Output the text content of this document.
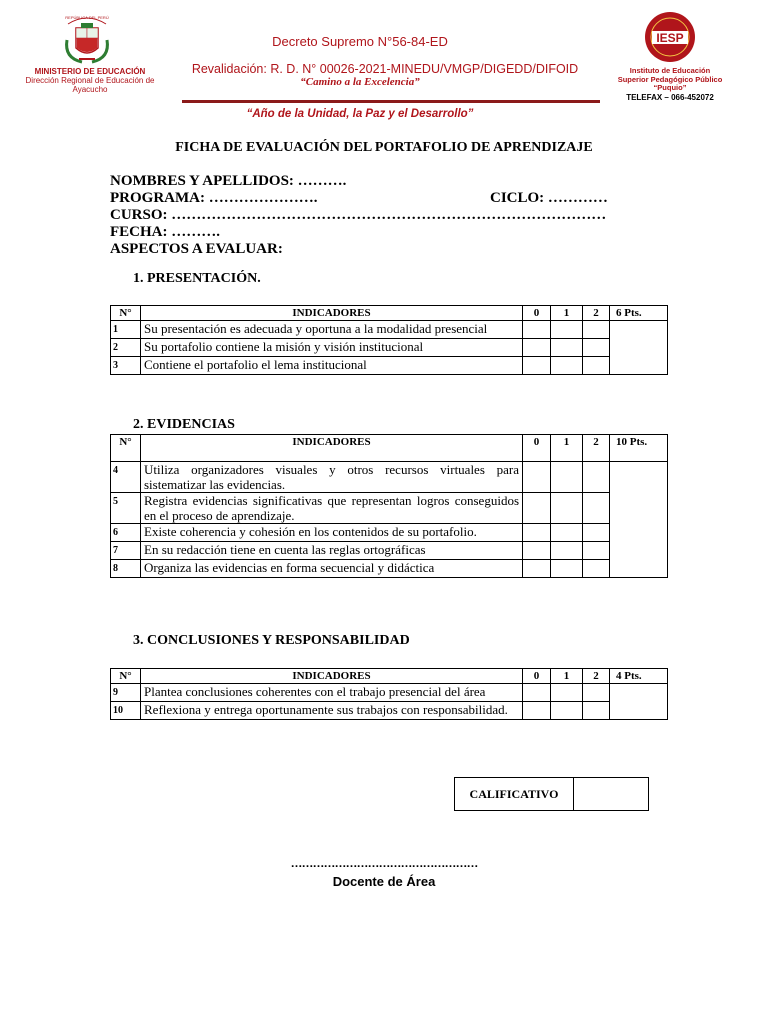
REPÚBLICA DEL PERÚ
MINISTERIO DE EDUCACIÓN
Dirección Regional de Educación de
Ayacucho
Decreto Supremo N°56-84-ED
Revalidación: R. D. N° 00026-2021-MINEDU/VMGP/DIGEDD/DIFOID
“Camino a la Excelencia”
IESP
Instituto de Educación
Superior Pedagógico Público
“Puquio”
TELEFAX – 066-452072
“Año de la Unidad, la Paz y el Desarrollo”
FICHA DE EVALUACIÓN DEL PORTAFOLIO DE APRENDIZAJE
NOMBRES Y APELLIDOS: ……….
PROGRAMA: ………………….	CICLO: …………
CURSO: ……………………………………………………………………………
FECHA: ……….
ASPECTOS A EVALUAR:
1. PRESENTACIÓN.
N°	INDICADORES	0	1	2	6 Pts.
1	Su presentación es adecuada y oportuna a la modalidad presencial				
2	Su portafolio contiene la misión y visión institucional				
3	Contiene el portafolio el lema institucional				
2. EVIDENCIAS
N°	INDICADORES	0	1	2	10 Pts.
4	Utiliza organizadores visuales y otros recursos virtuales para sistematizar las evidencias.				
5	Registra evidencias significativas que representan logros conseguidos en el proceso de aprendizaje.				
6	Existe coherencia y cohesión en los contenidos de su portafolio.				
7	En su redacción tiene en cuenta las reglas ortográficas				
8	Organiza las evidencias en forma secuencial y didáctica				
3. CONCLUSIONES Y RESPONSABILIDAD
N°	INDICADORES	0	1	2	4 Pts.
9	Plantea conclusiones coherentes con el trabajo presencial del área				
10	Reflexiona y entrega oportunamente sus trabajos con responsabilidad.				
CALIFICATIVO
……………………………………………
Docente de Área
